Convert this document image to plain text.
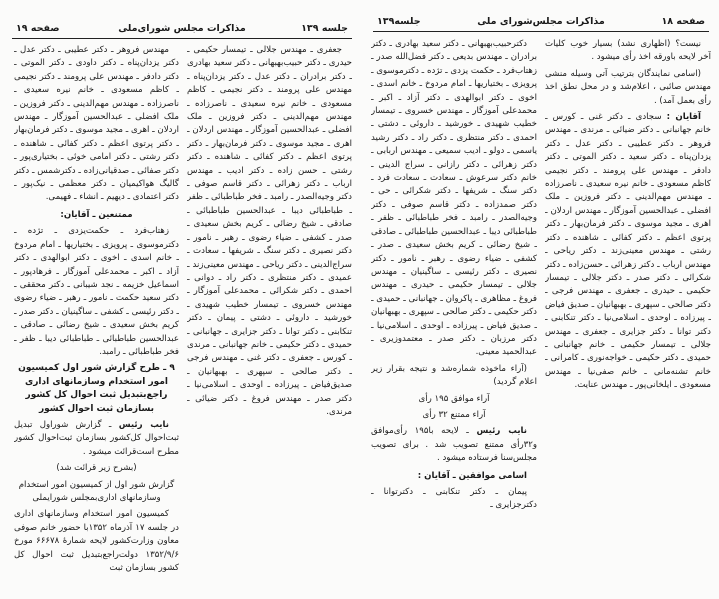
جلسه ۱۳۹
مذاکرات مجلس شورای‌ملی
صفحه ۱۹

جعفری ـ مهندس جلالی ـ تیمسار حکیمی ـ حیدری ـ دکتر حبیب‌بهبهانی ـ دکتر سعید بهادری ـ دکتر برادران ـ دکتر عدل ـ دکتر یزدان‌پناه ـ مهندس علی پرومند ـ دکتر نجیمی ـ کاظم مسعودی ـ خانم نیره سعیدی ـ ناصرزاده ـ مهندس مهم‌الدینی ـ دکتر فروزین ـ ملک افضلی ـ عبدالحسین آموزگار ـ مهندس اردلان ـ اهری ـ مجید موسوی ـ دکتر فرمان‌بهار ـ دکتر پرتوی اعظم ـ دکتر کفائی ـ شاهنده ـ دکتر رشتی ـ حسن زاده ـ دکتر ادیب ـ مهندس ارباب ـ دکتر زهرائی ـ دکتر قاسم صوفی ـ دکتر وجیه‌الصدر ـ رامبد ـ فخر طباطبائی ـ ظفر ـ طباطبائی دیبا ـ عبدالحسین طباطبائی ـ صادقی ـ شیخ رضائی ـ کریم بخش سعیدی ـ صدر ـ کشفی ـ ضیاء رضوی ـ رهبر ـ نامور ـ دکتر نصیری ـ دکتر سنگ ـ شریفها ـ سعادت ـ سراج‌الدینی ـ دکتر ریاحی ـ مهندس معینی‌زند ـ عمیدی ـ دکتر منتظری ـ دکتر راد ـ دوانی ـ احمدی ـ دکتر شکرائی ـ محمدعلی آموزگار ـ مهندس خسروی ـ تیمسار خطیب شهیدی ـ خورشید ـ داروئی ـ دشتی ـ پیمان ـ دکتر تنکابنی ـ دکتر توانا ـ دکتر جزایری ـ جهانبانی ـ حمیدی ـ دکتر حکیمی ـ خانم جهانبانی ـ مرندی ـ کورس ـ جعفری ـ دکتر غنی ـ مهندس فرجی ـ دکتر صالحی ـ سپهری ـ بهبهانیان ـ صدیق‌فیاض ـ پیرزاده ـ اوحدی ـ اسلامی‌نیا ـ دکتر صدر ـ مهندس فروغ ـ دکتر ضیائی ـ مرندی.

مهندس فروهر ـ دکتر عطیبی ـ دکتر عدل ـ دکتر یزدان‌پناه ـ دکتر داودی ـ دکتر الموتی ـ دکتر دادفر ـ مهندس علی پرومند ـ دکتر نجیمی ـ کاظم مسعودی ـ خانم نیره سعیدی ـ ناصرزاده ـ مهندس مهم‌الدینی ـ دکتر فروزین ـ ملک افضلی ـ عبدالحسین آموزگار ـ مهندس اردلان ـ اهری ـ مجید موسوی ـ دکتر فرمان‌بهار ـ دکتر پرتوی اعظم ـ دکتر کفائی ـ شاهنده ـ دکتر رشتی ـ دکتر امامی خوئی ـ بختیاری‌پور ـ دکتر صفائی ـ صدقیانی‌زاده ـ دکترشمس ـ دکتر گالیگ هواکیمیان ـ دکتر معظمی ـ نیک‌پور ـ دکتر اعتمادی ـ دیهیم ـ انشاء ـ فهیمی.

ممتنعین ـ آقایان:

زهتاب‌فرد ـ حکمت‌یزدی ـ تژده ـ دکترموسوی ـ پرویزی ـ بختیاریها ـ امام مردوخ ـ خانم اسدی ـ اخوی ـ دکتر ابوالهدی ـ دکتر آزاد ـ اکبر ـ محمدعلی آموزگار ـ فرهادپور ـ اسماعیل خزیمه ـ نجد شیبانی ـ دکتر محققی ـ دکتر سعید حکمت ـ نامور ـ رهبر ـ ضیاء رضوی ـ دکتر رئیسی ـ کشفی ـ ساگینیان ـ دکتر صدر ـ کریم بخش سعیدی ـ شیخ رضائی ـ صادقی ـ عبدالحسین طباطبائی ـ طباطبائی دیبا ـ ظفر ـ فخر طباطبائی ـ رامبد.

۹ ـ طرح گزارش شور اول کمیسیون امور استخدام وسازمانهای اداری راجع‌بتبدیل ثبت احوال کل کشور بسازمان ثبت احوال کشور

نایب رئیس ـ گزارش شوراول تبدیل ثبت‌احوال کل‌کشور بسازمان ثبت‌احوال کشور مطرح است‌قرائت میشود .

(بشرح زیر قرائت شد)

گزارش شور اول از کمیسیون امور استخدام وسازمانهای اداری‌بمجلس شورایملی

کمیسیون امور استخدام وسازمانهای اداری در جلسه ۱۷ آذرماه ۱۳۵۲با حضور خانم صوفی معاون وزارت‌کشور لایحه شمارهٔ ۶۶۶۷۸ مورخ ۱۳۵۲/۹/۶ دولت‌راجع‌بتبدیل ثبت احوال کل کشور بسازمان ثبت

صفحه ۱۸
مذاکرات مجلس‌شورای ملی
جلسه۱۳۹

نیست؟ (اظهاری نشد) بسیار خوب کلیات آخر لایحه باورقه اخذ رأی میشود .

(اسامی نمایندگان بترتیب آتی وسیله منشی مهندس صائبی ، اعلام‌شد و در محل نطق اخذ رأی بعمل آمد) .

آقایان : سجادی ـ دکتر غنی ـ کورس ـ خانم جهانبانی ـ دکتر ضیائی ـ مرندی ـ مهندس فروهر ـ دکتر عطیبی ـ دکتر عدل ـ دکتر یزدان‌پناه ـ دکتر سعید ـ دکتر الموتی ـ دکتر دادفر ـ مهندس علی پرومند ـ دکتر نجیمی کاظم مسعودی ـ خانم نیره سعیدی ـ ناصرزاده ـ مهندس مهم‌الدینی ـ دکتر فروزین ـ ملک افضلی ـ عبدالحسین آموزگار ـ مهندس اردلان ـ اهری ـ مجید موسوی ـ دکتر فرمان‌بهار ـ دکتر پرتوی اعظم ـ دکتر کفائی ـ شاهنده ـ دکتر رشتی ـ مهندس معینی‌زند ـ دکتر ریاحی ـ مهندس ارباب ـ دکتر زهرائی ـ حسن‌زاده ـ دکتر شکرائی ـ دکتر صدر ـ دکتر جلالی ـ تیمسار حکیمی ـ حیدری ـ جعفری ـ مهندس فرجی ـ دکتر صالحی ـ سپهری ـ بهبهانیان ـ صدیق فیاض ـ پیرزاده ـ اوحدی ـ اسلامی‌نیا ـ دکتر تنکابنی ـ دکتر توانا ـ دکتر جزایری ـ جعفری ـ مهندس جلالی ـ تیمسار حکیمی ـ خانم جهانبانی ـ حمیدی ـ دکتر حکیمی ـ خواجه‌نوری ـ کامرانی ـ خانم تشنه‌مانی ـ خانم صفی‌نیا ـ مهندس مسعودی ـ ایلخانی‌پور ـ مهندس عنایت.

دکترحبیب‌بهبهانی ـ دکتر سعید بهادری ـ دکتر برادران ـ مهندس بدیعی ـ دکتر فضل‌الله صدر ـ زهتاب‌فرد ـ حکمت یزدی ـ تژده ـ دکترموسوی ـ پرویزی ـ بختیاریها ـ امام مردوخ ـ خانم اسدی ـ اخوی ـ دکتر ابوالهدی ـ دکتر آزاد ـ اکبر ـ محمدعلی آموزگار ـ مهندس خسروی ـ تیمسار خطیب شهیدی ـ خورشید ـ داروئی ـ دشتی ـ احمدی ـ دکتر منتظری ـ دکتر راد ـ دکتر رشید یاسمی ـ دولو ـ ادیب سمیعی ـ مهندس اربابی ـ دکتر زهرائی ـ دکتر رازانی ـ سراج الدینی ـ خانم دکتر سرعوش ـ سعادت ـ سعادت فرد ـ دکتر سنگ ـ شریفها ـ دکتر شکرائی ـ حی ـ دکتر صمدزاده ـ دکتر قاسم صوفی ـ دکتر وجیه‌الصدر ـ رامبد ـ فخر طباطبائی ـ ظفر ـ طباطبائی دیبا ـ عبدالحسین طباطبائی ـ صادقی ـ شیخ رضائی ـ کریم بخش سعیدی ـ صدر ـ کشفی ـ ضیاء رضوی ـ رهبر ـ نامور ـ دکتر نصیری ـ دکتر رئیسی ـ ساگینیان ـ مهندس جلالی ـ تیمسار حکیمی ـ حیدری ـ مهندس فروغ ـ مظاهری ـ پاکروان ـ جهانبانی ـ حمیدی ـ دکتر حکیمی ـ دکتر صالحی ـ سپهری ـ بهبهانیان ـ صدیق فیاض ـ پیرزاده ـ اوحدی ـ اسلامی‌نیا ـ دکتر مرزبان ـ دکتر صدر ـ معتمدوزیری ـ عبدالحمید معینی.

(آراء ماخوذه شماره‌شد و نتیجه بقرار زیر اعلام گردید)

آراء موافق ۱۹۵ رأی

آراء ممتنع ۳۲ رأی

نایب رئیس ـ لایحه با۱۹۵ رأی‌موافق و۳۲رأی ممتنع تصویب شد . برای تصویب مجلس‌سنا فرستاده میشود .

اسامی موافقین ـ آقایان :

پیمان ـ دکتر تنکابنی ـ دکترتوانا ـ دکترجزایری ـ
